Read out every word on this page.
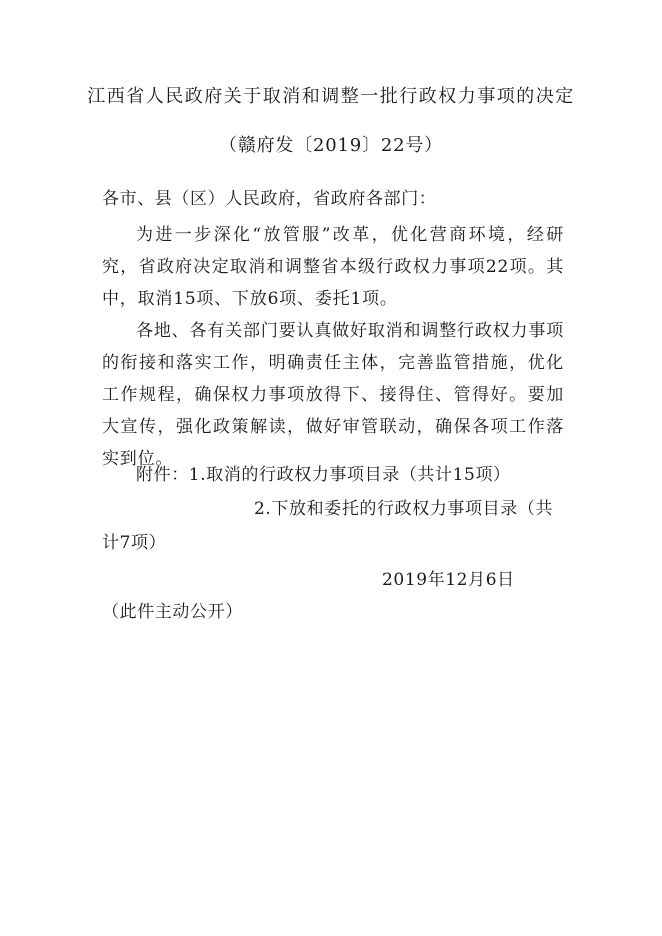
江西省人民政府关于取消和调整一批行政权力事项的决定
（赣府发〔2019〕22号）
各市、县（区）人民政府，省政府各部门：
为进一步深化“放管服”改革，优化营商环境，经研究，省政府决定取消和调整省本级行政权力事项22项。其中，取消15项、下放6项、委托1项。
各地、各有关部门要认真做好取消和调整行政权力事项的衔接和落实工作，明确责任主体，完善监管措施，优化工作规程，确保权力事项放得下、接得住、管得好。要加大宣传，强化政策解读，做好审管联动，确保各项工作落实到位。
附件：1.取消的行政权力事项目录（共计15项）
2.下放和委托的行政权力事项目录（共
计7项）
2019年12月6日
（此件主动公开）
